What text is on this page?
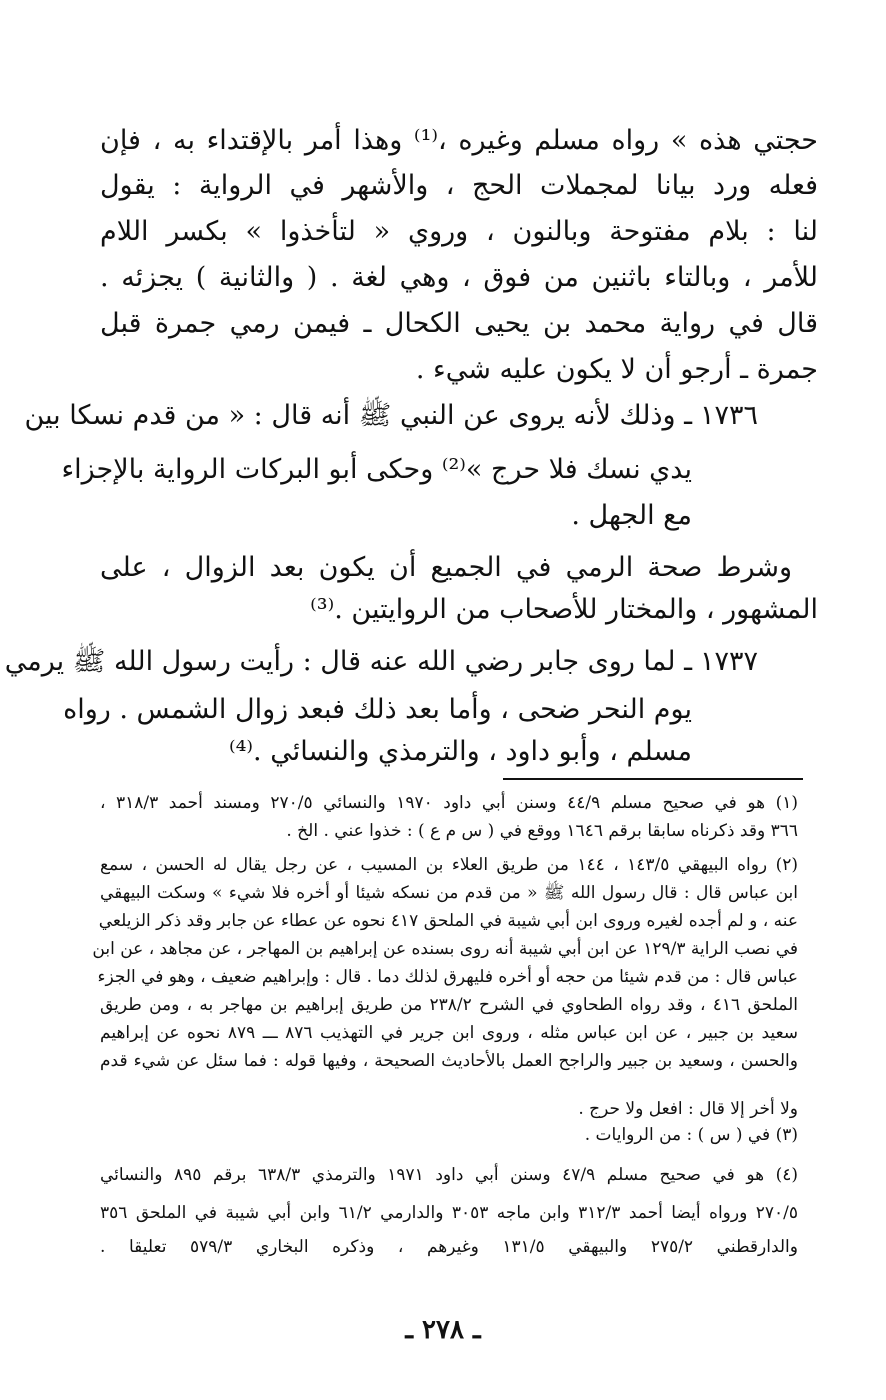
حجتي هذه » رواه مسلم وغيره ،⁽¹⁾ وهذا أمر بالإقتداء به ، فإن
فعله ورد بيانا لمجملات الحج ، والأشهر في الرواية : يقول
لنا : بلام مفتوحة وبالنون ، وروي « لتأخذوا » بكسر اللام
للأمر ، وبالتاء باثنين من فوق ، وهي لغة . ( والثانية ) يجزئه .
قال في رواية محمد بن يحيى الكحال ـ فيمن رمي جمرة قبل
جمرة ـ أرجو أن لا يكون عليه شيء .
١٧٣٦
ـ وذلك لأنه يروى عن النبي ﷺ أنه قال : « من قدم نسكا بين
يدي نسك فلا حرج »⁽²⁾ وحكى أبو البركات الرواية بالإجزاء
مع الجهل .
وشرط صحة الرمي في الجميع أن يكون بعد الزوال ، على
المشهور ، والمختار للأصحاب من الروايتين .⁽³⁾
١٧٣٧
ـ لما روى جابر رضي الله عنه قال : رأيت رسول الله ﷺ يرمي
يوم النحر ضحى ، وأما بعد ذلك فبعد زوال الشمس . رواه
مسلم ، وأبو داود ، والترمذي والنسائي .⁽⁴⁾
(١) هو في صحيح مسلم ٤٤/٩ وسنن أبي داود ١٩٧٠ والنسائي ٢٧٠/٥ ومسند أحمد ٣١٨/٣ ،
٣٦٦ وقد ذكرناه سابقا برقم ١٦٤٦ ووقع في ( س م ع ) : خذوا عني . الخ .
(٢) رواه البيهقي ١٤٣/٥ ، ١٤٤ من طريق العلاء بن المسيب ، عن رجل يقال له الحسن ، سمع
ابن عباس قال : قال رسول الله ﷺ « من قدم من نسكه شيئا أو أخره فلا شيء » وسكت البيهقي
عنه ، و لم أجده لغيره وروى ابن أبي شيبة في الملحق ٤١٧ نحوه عن عطاء عن جابر وقد ذكر الزيلعي
في نصب الراية ١٢٩/٣ عن ابن أبي شيبة أنه روى بسنده عن إبراهيم بن المهاجر ، عن مجاهد ، عن ابن
عباس قال : من قدم شيئا من حجه أو أخره فليهرق لذلك دما . قال : وإبراهيم ضعيف ، وهو في الجزء
الملحق ٤١٦ ، وقد رواه الطحاوي في الشرح ٢٣٨/٢ من طريق إبراهيم بن مهاجر به ، ومن طريق
سعيد بن جبير ، عن ابن عباس مثله ، وروى ابن جرير في التهذيب ٨٧٦ ـــ ٨٧٩ نحوه عن إبراهيم
والحسن ، وسعيد بن جبير والراجح العمل بالأحاديث الصحيحة ، وفيها قوله : فما سئل عن شيء قدم
ولا أخر إلا قال : افعل ولا حرج .
(٣) في ( س ) : من الروايات .
(٤) هو في صحيح مسلم ٤٧/٩ وسنن أبي داود ١٩٧١ والترمذي ٦٣٨/٣ برقم ٨٩٥ والنسائي
٢٧٠/٥ ورواه أيضا أحمد ٣١٢/٣ وابن ماجه ٣٠٥٣ والدارمي ٦١/٢ وابن أبي شيبة في الملحق ٣٥٦
والدارقطني ٢٧٥/٢ والبيهقي ١٣١/٥ وغيرهم ، وذكره البخاري ٥٧٩/٣ تعليقا .
ـ ٢٧٨ ـ
